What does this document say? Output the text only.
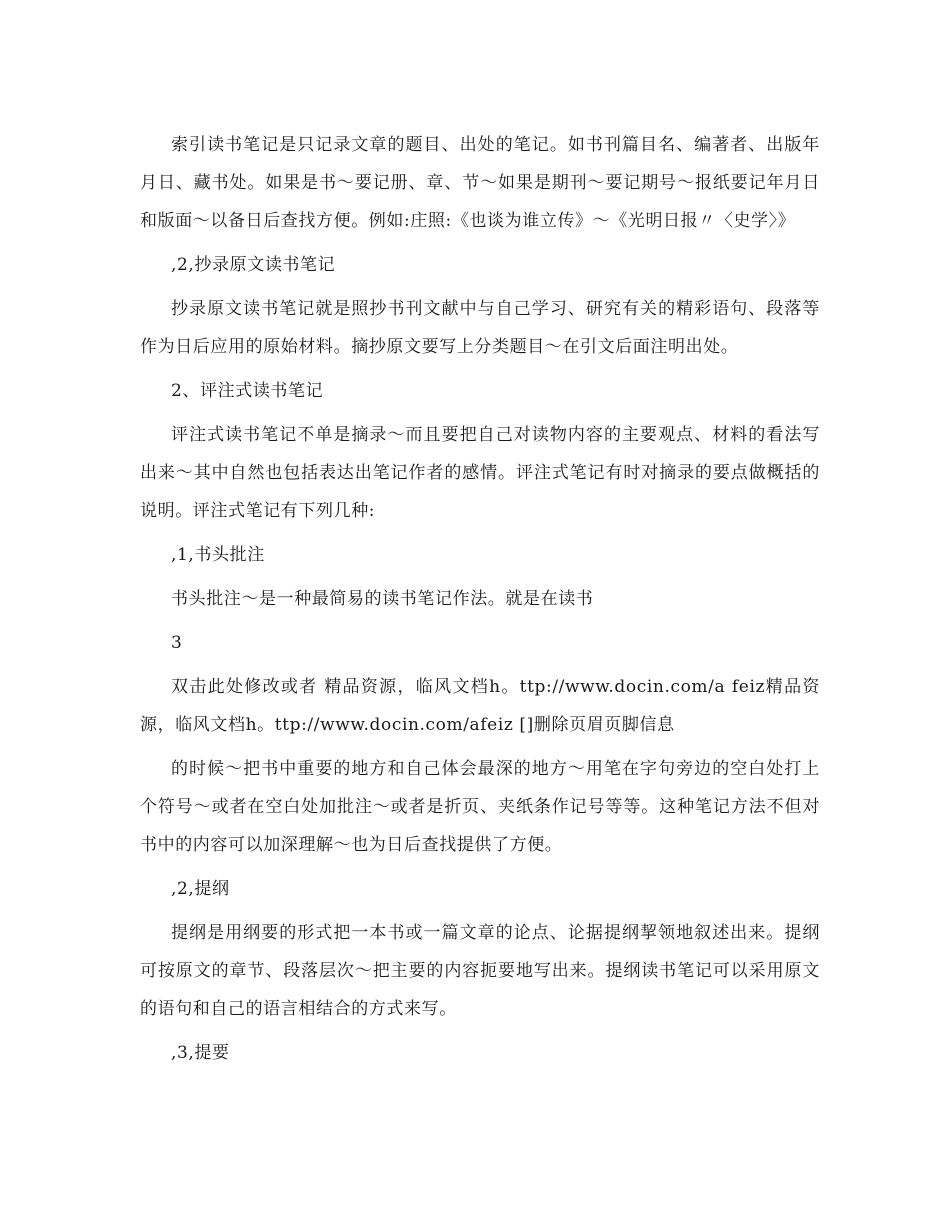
索引读书笔记是只记录文章的题目、出处的笔记。如书刊篇目名、编著者、出版年月日、藏书处。如果是书～要记册、章、节～如果是期刊～要记期号～报纸要记年月日和版面～以备日后查找方便。例如:庄照:《也谈为谁立传》～《光明日报〃〈史学〉》

,2,抄录原文读书笔记

抄录原文读书笔记就是照抄书刊文献中与自己学习、研究有关的精彩语句、段落等作为日后应用的原始材料。摘抄原文要写上分类题目～在引文后面注明出处。

2、评注式读书笔记

评注式读书笔记不单是摘录～而且要把自己对读物内容的主要观点、材料的看法写出来～其中自然也包括表达出笔记作者的感情。评注式笔记有时对摘录的要点做概括的说明。评注式笔记有下列几种:

,1,书头批注

书头批注～是一种最简易的读书笔记作法。就是在读书

3

双击此处修改或者 精品资源，临风文档h。ttp://www.docin.com/a feiz精品资源，临风文档h。ttp://www.docin.com/afeiz []删除页眉页脚信息

的时候～把书中重要的地方和自己体会最深的地方～用笔在字句旁边的空白处打上个符号～或者在空白处加批注～或者是折页、夹纸条作记号等等。这种笔记方法不但对书中的内容可以加深理解～也为日后查找提供了方便。

,2,提纲

提纲是用纲要的形式把一本书或一篇文章的论点、论据提纲挈领地叙述出来。提纲可按原文的章节、段落层次～把主要的内容扼要地写出来。提纲读书笔记可以采用原文的语句和自己的语言相结合的方式来写。

,3,提要
